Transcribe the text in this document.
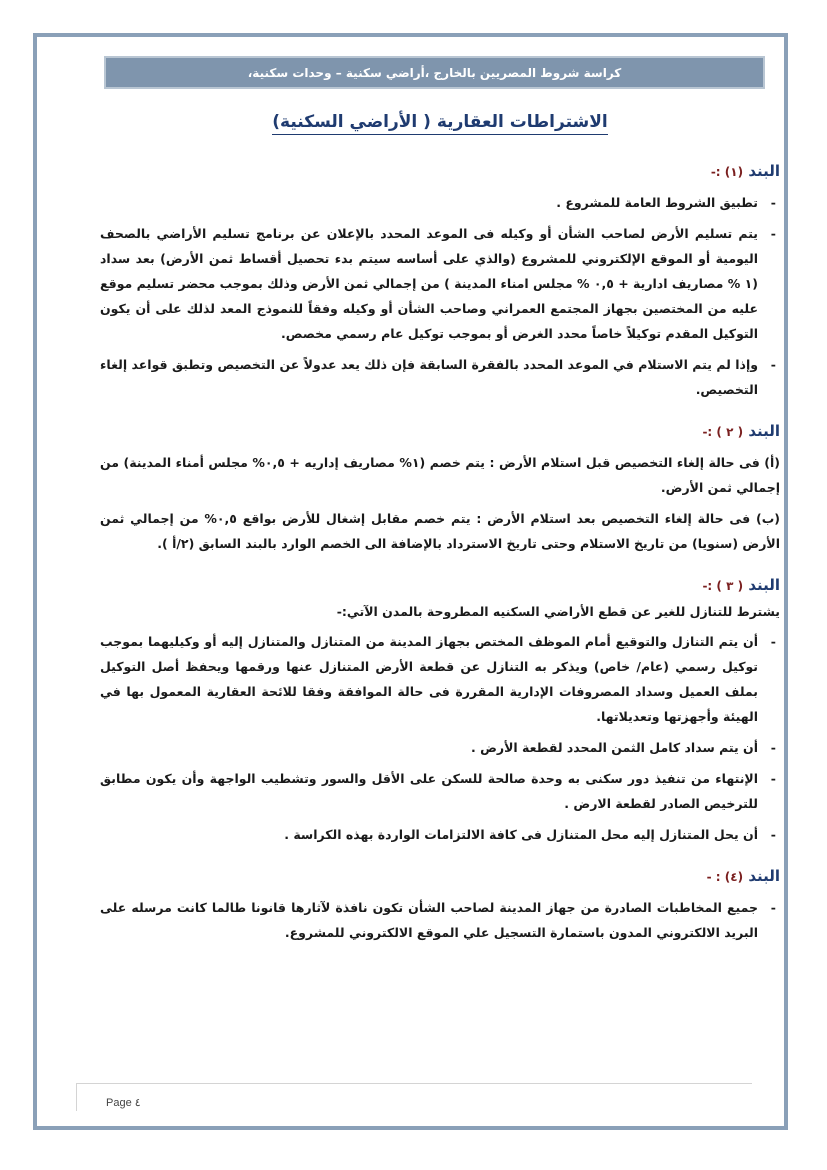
كراسة شروط المصريين بالخارج ،أراضي سكنية – وحدات سكنية،
الاشتراطات العقارية ( الأراضي السكنية)
البند (١) :-
- تطبيق الشروط العامة للمشروع .
- يتم تسليم الأرض لصاحب الشأن أو وكيله فى الموعد المحدد بالإعلان عن برنامج تسليم الأراضي بالصحف اليومية أو الموقع الإلكتروني للمشروع (والذي على أساسه سيتم بدء تحصيل أقساط ثمن الأرض) بعد سداد (١ % مصاريف ادارية + ٠,٥ % مجلس امناء المدينة ) من إجمالي ثمن الأرض وذلك بموجب محضر تسليم موقع عليه من المختصين بجهاز المجتمع العمراني وصاحب الشأن أو وكيله وفقاً للنموذج المعد لذلك على أن يكون التوكيل المقدم توكيلاً خاصاً محدد الغرض أو بموجب توكيل عام رسمي مخصص.
- وإذا لم يتم الاستلام في الموعد المحدد بالفقرة السابقة فإن ذلك يعد عدولاً عن التخصيص وتطبق قواعد إلغاء التخصيص.
البند ( ٢ ) :-
(أ) فى حالة إلغاء التخصيص قبل استلام الأرض : يتم خصم (١% مصاريف إداريه + ٠,٥% مجلس أمناء المدينة) من إجمالي ثمن الأرض.
(ب) فى حالة إلغاء التخصيص بعد استلام الأرض : يتم خصم مقابل إشغال للأرض بواقع ٠,٥% من إجمالي ثمن الأرض (سنويا) من تاريخ الاستلام وحتى تاريخ الاسترداد بالإضافة الى الخصم الوارد بالبند السابق (٢/أ ).
البند ( ٣ ) :-
يشترط للتنازل للغير عن قطع الأراضي السكنيه المطروحة بالمدن الآتي:-
- أن يتم التنازل والتوقيع أمام الموظف المختص بجهاز المدينة من المتنازل والمتنازل إليه أو وكيليهما بموجب توكيل رسمي (عام/ خاص) ويذكر به التنازل عن قطعة الأرض المتنازل عنها ورقمها ويحفظ أصل التوكيل بملف العميل وسداد المصروفات الإدارية المقررة فى حالة الموافقة وفقا للائحة العقارية المعمول بها في الهيئة وأجهزتها وتعديلاتها.
- أن يتم سداد كامل الثمن المحدد لقطعة الأرض .
- الإنتهاء من تنفيذ دور سكنى به وحدة صالحة للسكن على الأقل والسور وتشطيب الواجهة وأن يكون مطابق للترخيص الصادر لقطعة الارض .
- أن يحل المتنازل إليه محل المتنازل فى كافة الالتزامات الواردة بهذه الكراسة .
البند (٤) : -
- جميع المخاطبات الصادرة من جهاز المدينة لصاحب الشأن تكون نافذة لآثارها قانونا طالما كانت مرسله على البريد الالكتروني المدون باستمارة التسجيل علي الموقع الالكتروني للمشروع.
Page ٤
